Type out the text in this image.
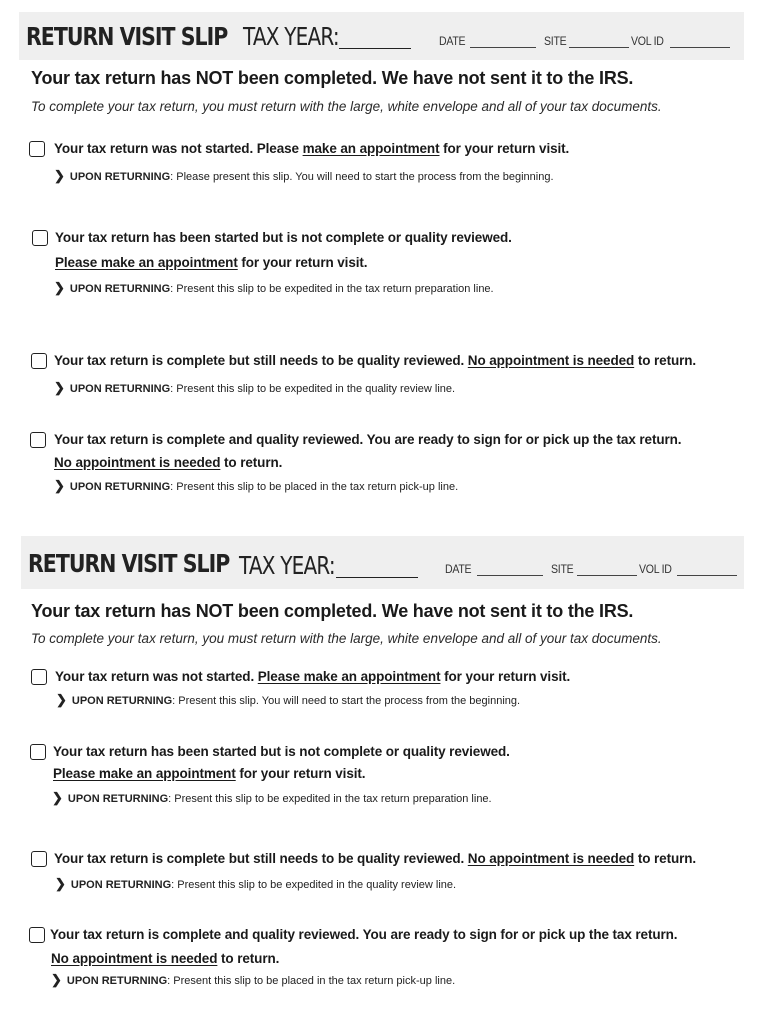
RETURN VISIT SLIP TAX YEAR:	DATE	SITE	VOL ID
Your tax return has NOT been completed. We have not sent it to the IRS.
To complete your tax return, you must return with the large, white envelope and all of your tax documents.
Your tax return was not started. Please make an appointment for your return visit.
❯ UPON RETURNING: Please present this slip. You will need to start the process from the beginning.
Your tax return has been started but is not complete or quality reviewed.
Please make an appointment for your return visit.
❯ UPON RETURNING: Present this slip to be expedited in the tax return preparation line.
Your tax return is complete but still needs to be quality reviewed. No appointment is needed to return.
❯ UPON RETURNING: Present this slip to be expedited in the quality review line.
Your tax return is complete and quality reviewed. You are ready to sign for or pick up the tax return.
No appointment is needed to return.
❯ UPON RETURNING: Present this slip to be placed in the tax return pick-up line.
RETURN VISIT SLIP TAX YEAR:	DATE	SITE	VOL ID
Your tax return has NOT been completed. We have not sent it to the IRS.
To complete your tax return, you must return with the large, white envelope and all of your tax documents.
Your tax return was not started. Please make an appointment for your return visit.
❯ UPON RETURNING: Present this slip. You will need to start the process from the beginning.
Your tax return has been started but is not complete or quality reviewed.
Please make an appointment for your return visit.
❯ UPON RETURNING: Present this slip to be expedited in the tax return preparation line.
Your tax return is complete but still needs to be quality reviewed. No appointment is needed to return.
❯ UPON RETURNING: Present this slip to be expedited in the quality review line.
Your tax return is complete and quality reviewed. You are ready to sign for or pick up the tax return.
No appointment is needed to return.
❯ UPON RETURNING: Present this slip to be placed in the tax return pick-up line.
